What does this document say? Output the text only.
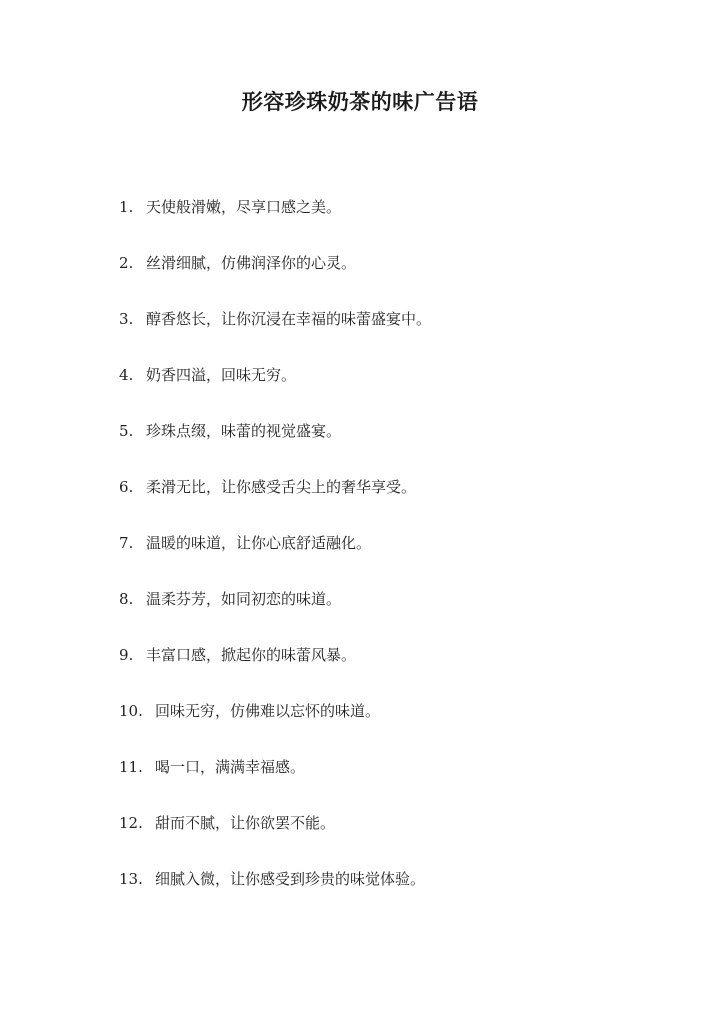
形容珍珠奶茶的味广告语
1. 天使般滑嫩，尽享口感之美。
2. 丝滑细腻，仿佛润泽你的心灵。
3. 醇香悠长，让你沉浸在幸福的味蕾盛宴中。
4. 奶香四溢，回味无穷。
5. 珍珠点缀，味蕾的视觉盛宴。
6. 柔滑无比，让你感受舌尖上的奢华享受。
7. 温暖的味道，让你心底舒适融化。
8. 温柔芬芳，如同初恋的味道。
9. 丰富口感，掀起你的味蕾风暴。
10. 回味无穷，仿佛难以忘怀的味道。
11. 喝一口，满满幸福感。
12. 甜而不腻，让你欲罢不能。
13. 细腻入微，让你感受到珍贵的味觉体验。
